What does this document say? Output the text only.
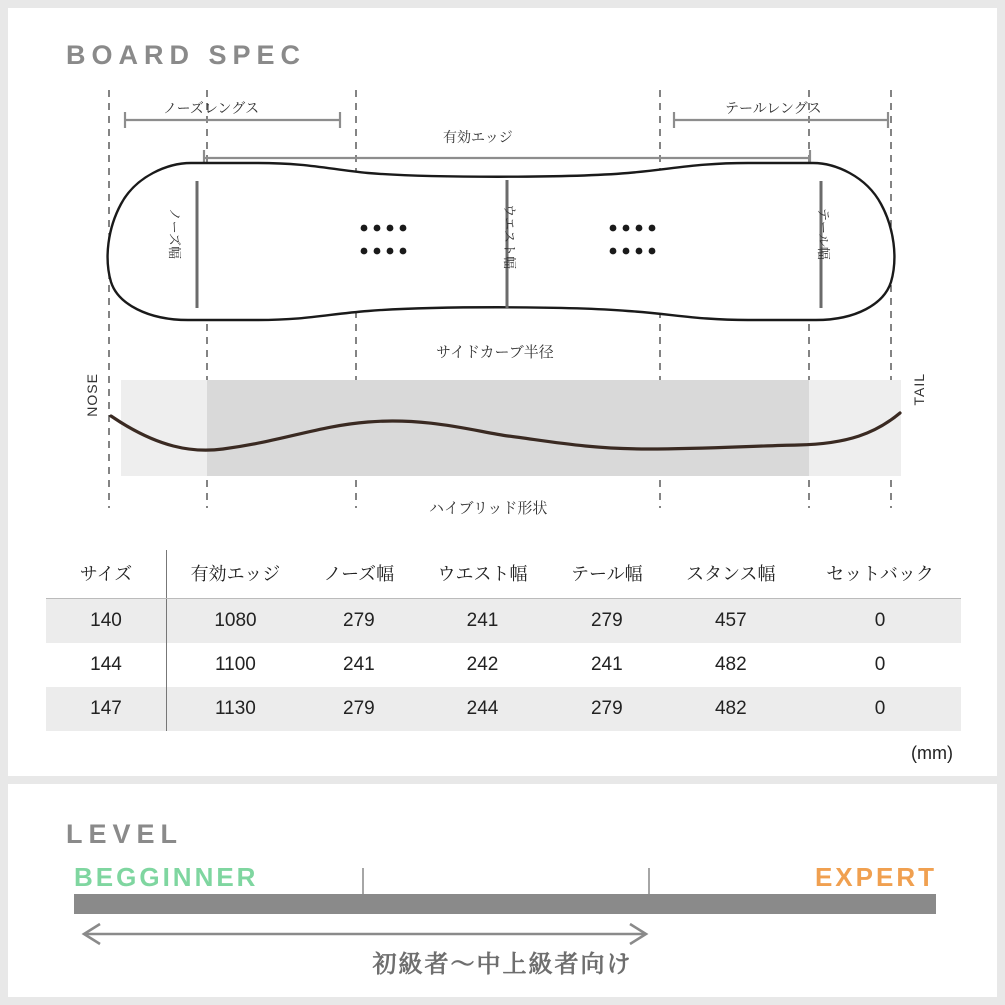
BOARD SPEC
ノーズレングス	テールレングス
有効エッジ
サイドカーブ半径
ハイブリッド形状
ノーズ幅	ウエスト幅	テール幅
NOSE	TAIL
サイズ	有効エッジ	ノーズ幅	ウエスト幅	テール幅	スタンス幅	セットバック
140	1080	279	241	279	457	0
144	1100	241	242	241	482	0
147	1130	279	244	279	482	0
(mm)
LEVEL
BEGGINNER	EXPERT
初級者〜中上級者向け
